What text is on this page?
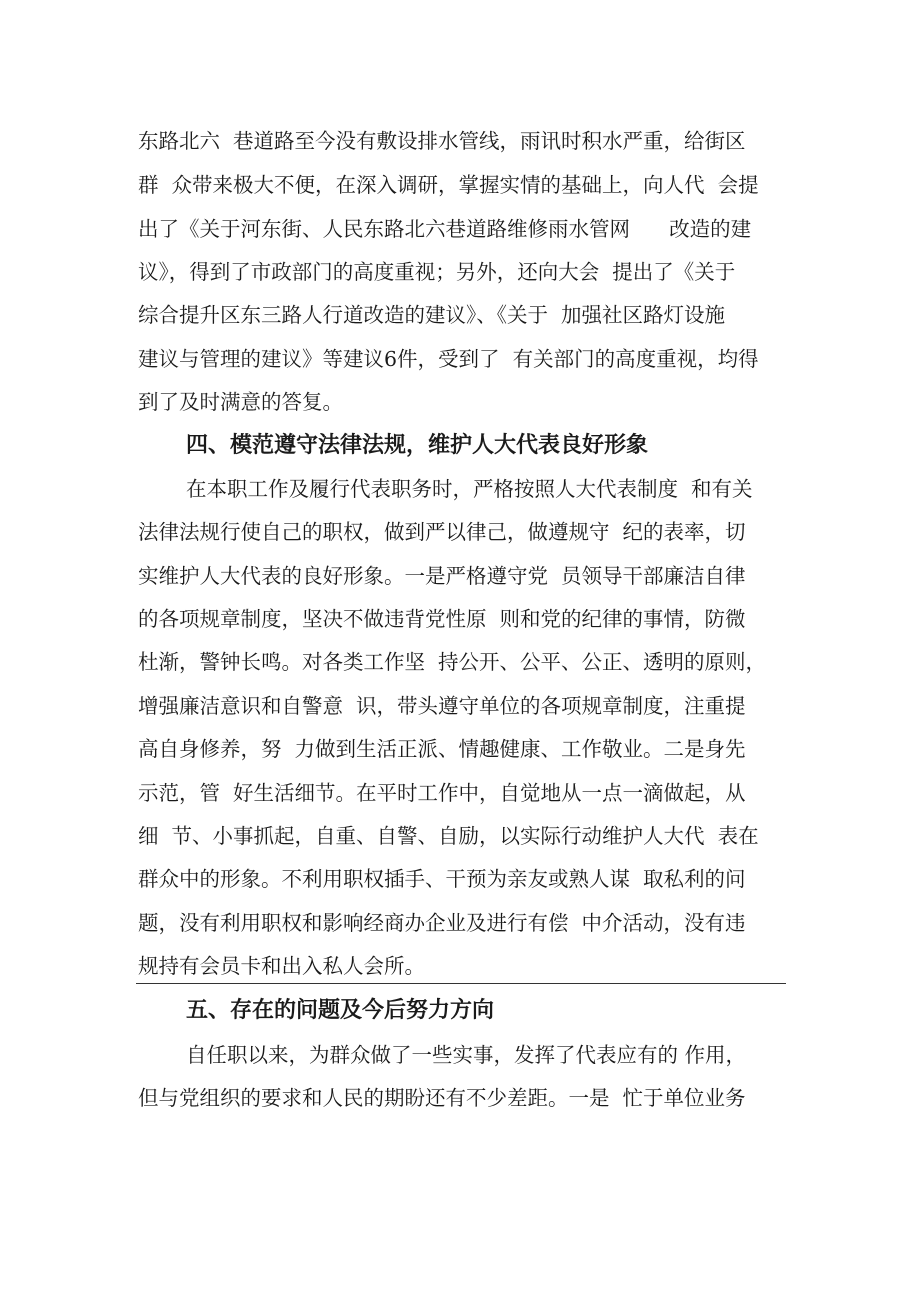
东路北六  巷道路至今没有敷设排水管线，雨讯时积水严重，给街区
群  众带来极大不便，在深入调研，掌握实情的基础上，向人代  会提
出了《关于河东街、人民东路北六巷道路维修雨水管网      改造的建
议》，得到了市政部门的高度重视；另外，还向大会  提出了《关于
综合提升区东三路人行道改造的建议》、《关于  加强社区路灯设施
建议与管理的建议》等建议6件，受到了  有关部门的高度重视，均得
到了及时满意的答复。
四、模范遵守法律法规，维护人大代表良好形象
在本职工作及履行代表职务时，严格按照人大代表制度  和有关
法律法规行使自己的职权，做到严以律己，做遵规守  纪的表率，切
实维护人大代表的良好形象。一是严格遵守党  员领导干部廉洁自律
的各项规章制度，坚决不做违背党性原  则和党的纪律的事情，防微
杜渐，警钟长鸣。对各类工作坚  持公开、公平、公正、透明的原则，
增强廉洁意识和自警意  识，带头遵守单位的各项规章制度，注重提
高自身修养，努  力做到生活正派、情趣健康、工作敬业。二是身先
示范，管  好生活细节。在平时工作中，自觉地从一点一滴做起，从
细  节、小事抓起，自重、自警、自励，以实际行动维护人大代  表在
群众中的形象。不利用职权插手、干预为亲友或熟人谋  取私利的问
题，没有利用职权和影响经商办企业及进行有偿  中介活动，没有违
规持有会员卡和出入私人会所。
五、存在的问题及今后努力方向
自任职以来，为群众做了一些实事，发挥了代表应有的 作用，
但与党组织的要求和人民的期盼还有不少差距。一是  忙于单位业务
